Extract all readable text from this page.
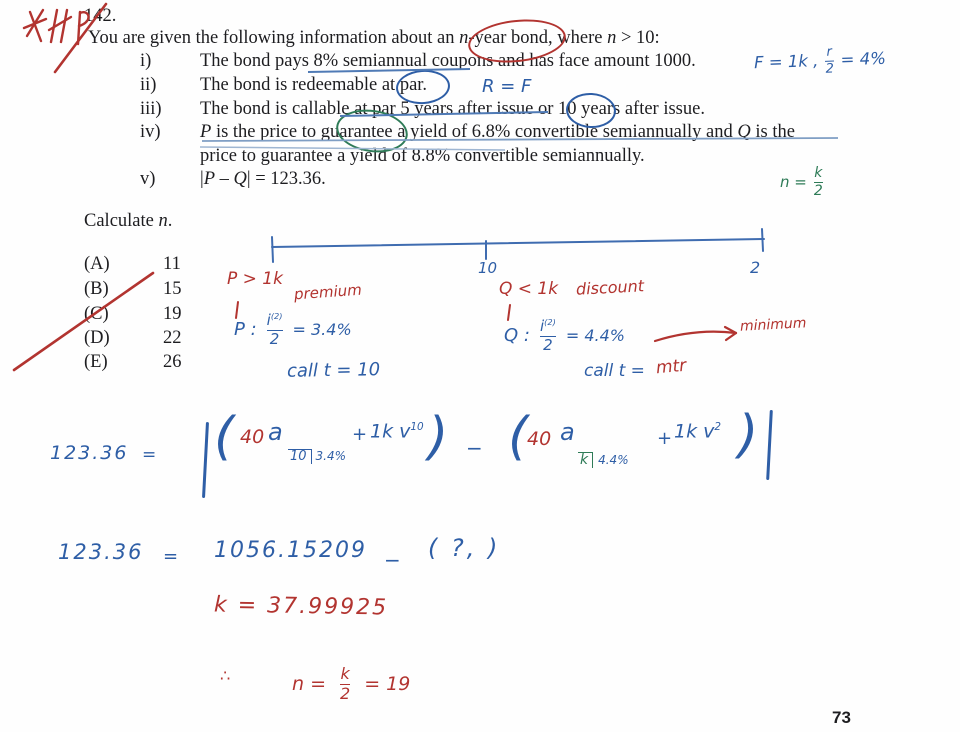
142.
You are given the following information about an n-year bond, where n > 10:
i)	The bond pays 8% semiannual coupons and has face amount 1000.
ii) The bond is redeemable at par.
iii) The bond is callable at par 5 years after issue or 10 years after issue.
iv) P is the price to guarantee a yield of 6.8% convertible semiannually and Q is the
price to guarantee a yield of 8.8% convertible semiannually.
v) |P – Q| = 123.36.
Calculate n.
(A)	11
(B)	15
(C)	19
(D)	22
(E)	26
73
F = 1k , $\frac{r}{2} = 4\%$
R = F
$n = \frac{k}{2}$
10	2
P > 1k
premium
P : $\frac{i^{(2)}}{2} = 3.4\%$
call t = 10
Q < 1k discount
Q : $\frac{i^{(2)}}{2} = 4.4\%$
minimum
call t = mtr
123.36 = ( 40 a
10 3.4%
+ 1k $v^{10}$ ) − (
40 a
k 4.4%
+ 1k $v^2$ )
123.36 = 1056.15209 − ( ?, )
k = 37.99925
∴	$n = \frac{k}{2} = 19$
